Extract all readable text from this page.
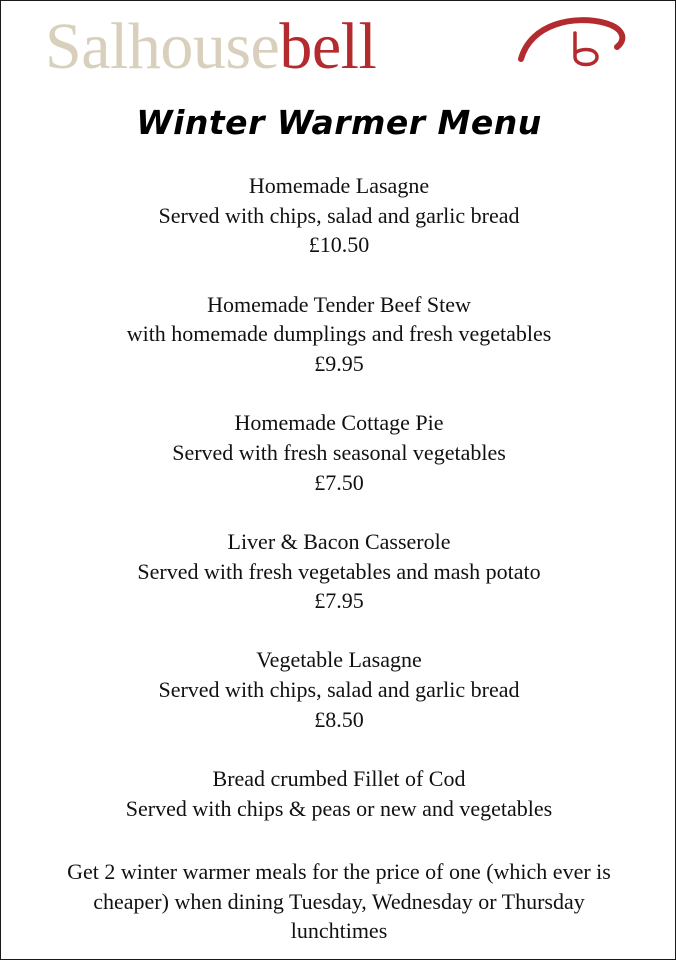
Salhousebell
Winter Warmer Menu
Homemade Lasagne
Served with chips, salad and garlic bread
£10.50
Homemade Tender Beef Stew
with homemade dumplings and fresh vegetables
£9.95
Homemade Cottage Pie
Served with fresh seasonal vegetables
£7.50
Liver & Bacon Casserole
Served with fresh vegetables and mash potato
£7.95
Vegetable Lasagne
Served with chips, salad and garlic bread
£8.50
Bread crumbed Fillet of Cod
Served with chips & peas or new and vegetables
Get 2 winter warmer meals for the price of one (which ever is
cheaper) when dining Tuesday, Wednesday or Thursday
lunchtimes
